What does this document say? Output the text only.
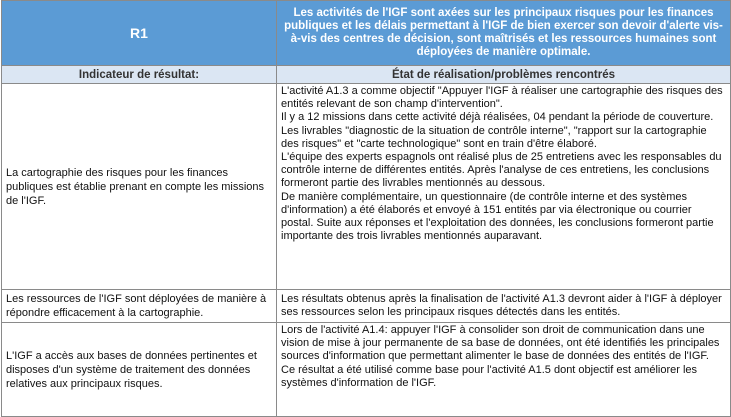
R1	Les activités de l'IGF sont axées sur les principaux risques pour les finances publiques et les délais permettant à l'IGF de bien exercer son devoir d'alerte vis-à-vis des centres de décision, sont maîtrisés et les ressources humaines sont déployées de manière optimale.
Indicateur de résultat:	État de réalisation/problèmes rencontrés
La cartographie des risques pour les finances publiques est établie prenant en compte les missions de l'IGF.	L'activité A1.3 a comme objectif "Appuyer l'IGF à réaliser une cartographie des risques des entités relevant de son champ d'intervention".

Il y a 12 missions dans cette activité déjà réalisées, 04 pendant la période de couverture.

Les livrables "diagnostic de la situation de contrôle interne", "rapport sur la cartographie des risques" et "carte technologique" sont en train d'être élaboré.

L'équipe des experts espagnols ont réalisé plus de 25 entretiens avec les responsables du contrôle interne de différentes entités. Après l'analyse de ces entretiens, les conclusions formeront partie des livrables mentionnés au dessous.

De manière complémentaire, un questionnaire (de contrôle interne et des systèmes d'information) a été élaborés et envoyé à 151 entités par via électronique ou courrier postal. Suite aux réponses et l'exploitation des données, les conclusions formeront partie importante des trois livrables mentionnés auparavant.

Les ressources de l'IGF sont déployées de manière à répondre efficacement à la cartographie.	Les résultats obtenus après la finalisation de l'activité A1.3 devront aider à l'IGF à déployer ses ressources selon les principaux risques détectés dans les entités.

L'IGF a accès aux bases de données pertinentes et disposes d'un système de traitement des données relatives aux principaux risques.	Lors de l'activité A1.4: appuyer l'IGF à consolider son droit de communication dans une vision de mise à jour permanente de sa base de données, ont été identifiés les principales sources d'information que permettant alimenter le base de données des entités de l'IGF.

Ce résultat a été utilisé comme base pour l'activité A1.5 dont objectif est améliorer les systèmes d'information de l'IGF.
